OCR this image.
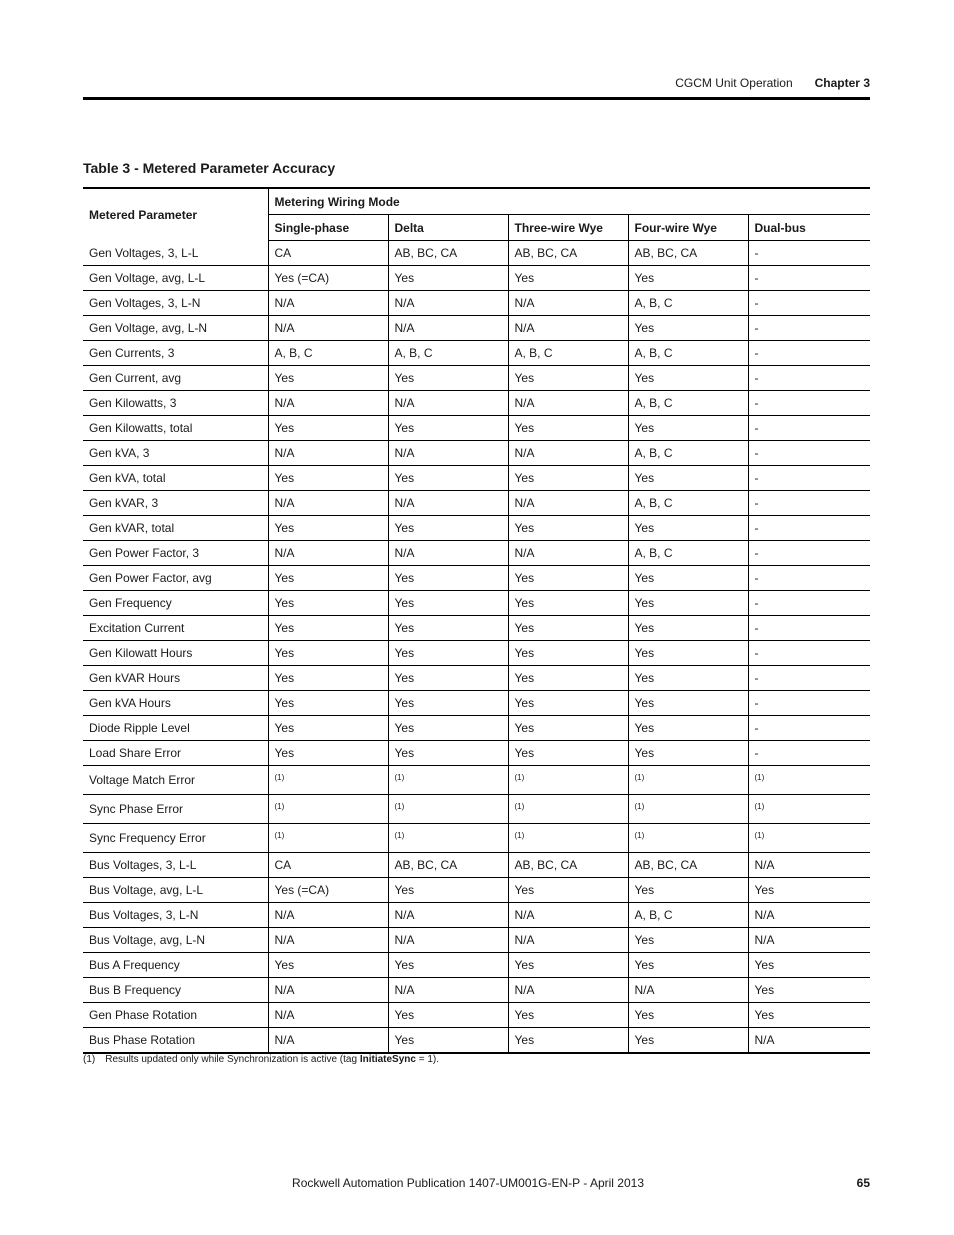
CGCM Unit Operation Chapter 3
Table 3 - Metered Parameter Accuracy
Metered Parameter	Metering Wiring Mode				
	Single-phase	Delta	Three-wire Wye	Four-wire Wye	Dual-bus
Gen Voltages, 3, L-L	CA	AB, BC, CA	AB, BC, CA	AB, BC, CA	-
Gen Voltage, avg, L-L	Yes (=CA)	Yes	Yes	Yes	-
Gen Voltages, 3, L-N	N/A	N/A	N/A	A, B, C	-
Gen Voltage, avg, L-N	N/A	N/A	N/A	Yes	-
Gen Currents, 3	A, B, C	A, B, C	A, B, C	A, B, C	-
Gen Current, avg	Yes	Yes	Yes	Yes	-
Gen Kilowatts, 3	N/A	N/A	N/A	A, B, C	-
Gen Kilowatts, total	Yes	Yes	Yes	Yes	-
Gen kVA, 3	N/A	N/A	N/A	A, B, C	-
Gen kVA, total	Yes	Yes	Yes	Yes	-
Gen kVAR, 3	N/A	N/A	N/A	A, B, C	-
Gen kVAR, total	Yes	Yes	Yes	Yes	-
Gen Power Factor, 3	N/A	N/A	N/A	A, B, C	-
Gen Power Factor, avg	Yes	Yes	Yes	Yes	-
Gen Frequency	Yes	Yes	Yes	Yes	-
Excitation Current	Yes	Yes	Yes	Yes	-
Gen Kilowatt Hours	Yes	Yes	Yes	Yes	-
Gen kVAR Hours	Yes	Yes	Yes	Yes	-
Gen kVA Hours	Yes	Yes	Yes	Yes	-
Diode Ripple Level	Yes	Yes	Yes	Yes	-
Load Share Error	Yes	Yes	Yes	Yes	-
Voltage Match Error	(1)	(1)	(1)	(1)	(1)
Sync Phase Error	(1)	(1)	(1)	(1)	(1)
Sync Frequency Error	(1)	(1)	(1)	(1)	(1)
Bus Voltages, 3, L-L	CA	AB, BC, CA	AB, BC, CA	AB, BC, CA	N/A
Bus Voltage, avg, L-L	Yes (=CA)	Yes	Yes	Yes	Yes
Bus Voltages, 3, L-N	N/A	N/A	N/A	A, B, C	N/A
Bus Voltage, avg, L-N	N/A	N/A	N/A	Yes	N/A
Bus A Frequency	Yes	Yes	Yes	Yes	Yes
Bus B Frequency	N/A	N/A	N/A	N/A	Yes
Gen Phase Rotation	N/A	Yes	Yes	Yes	Yes
Bus Phase Rotation	N/A	Yes	Yes	Yes	N/A
(1) Results updated only while Synchronization is active (tag InitiateSync = 1).
Rockwell Automation Publication 1407-UM001G-EN-P - April 2013	65
